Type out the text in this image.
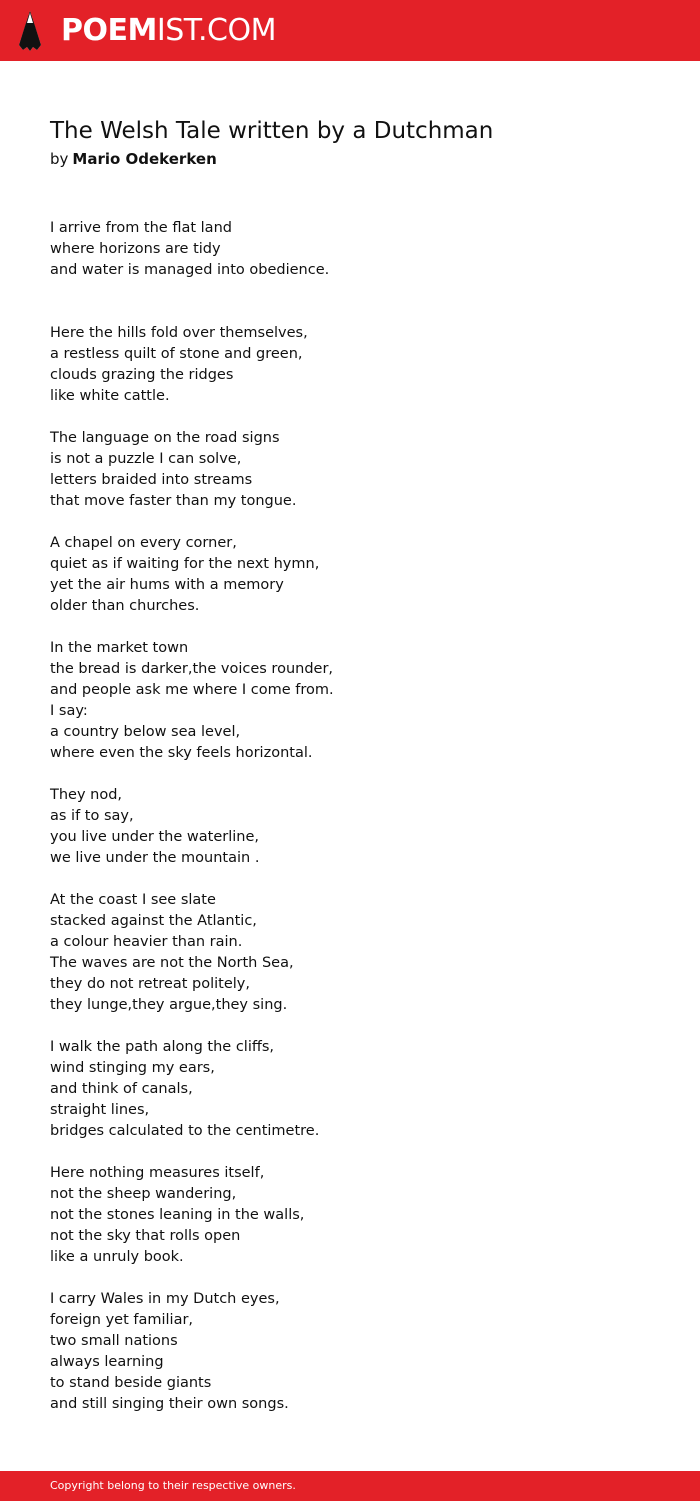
POEMIST.COM
The Welsh Tale written by a Dutchman
by Mario Odekerken
I arrive from the flat land
where horizons are tidy
and water is managed into obedience.
Here the hills fold over themselves,
a restless quilt of stone and green,
clouds grazing the ridges
like white cattle.
The language on the road signs
is not a puzzle I can solve,
letters braided into streams
that move faster than my tongue.
A chapel on every corner,
quiet as if waiting for the next hymn,
yet the air hums with a memory
older than churches.
In the market town
the bread is darker,the voices rounder,
and people ask me where I come from.
I say:
a country below sea level,
where even the sky feels horizontal.
They nod,
as if to say,
you live under the waterline,
we live under the mountain .
At the coast I see slate
stacked against the Atlantic,
a colour heavier than rain.
The waves are not the North Sea,
they do not retreat politely,
they lunge,they argue,they sing.
I walk the path along the cliffs,
wind stinging my ears,
and think of canals,
straight lines,
bridges calculated to the centimetre.
Here nothing measures itself,
not the sheep wandering,
not the stones leaning in the walls,
not the sky that rolls open
like a unruly book.
I carry Wales in my Dutch eyes,
foreign yet familiar,
two small nations
always learning
to stand beside giants
and still singing their own songs.
Copyright belong to their respective owners.
